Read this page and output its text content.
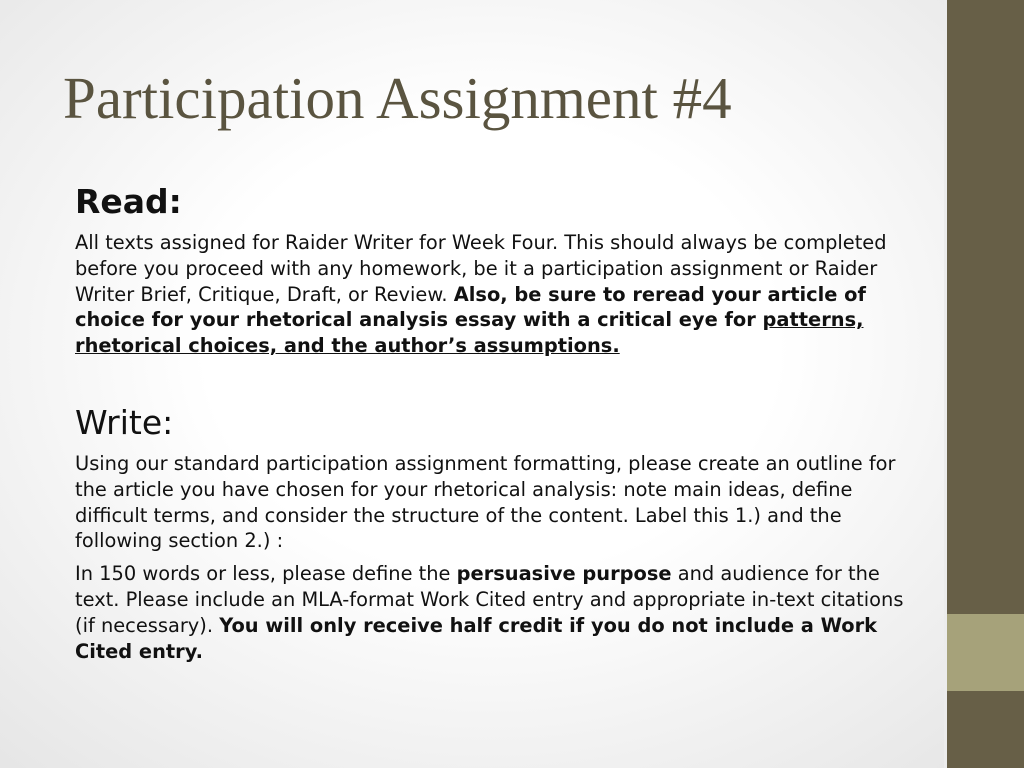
Participation Assignment #4
Read:

All texts assigned for Raider Writer for Week Four. This should always be completed before you proceed with any homework, be it a participation assignment or Raider Writer Brief, Critique, Draft, or Review. Also, be sure to reread your article of choice for your rhetorical analysis essay with a critical eye for patterns, rhetorical choices, and the author’s assumptions.

Write:

Using our standard participation assignment formatting, please create an outline for the article you have chosen for your rhetorical analysis: note main ideas, define difficult terms, and consider the structure of the content. Label this 1.) and the following section 2.) :

In 150 words or less, please define the persuasive purpose and audience for the text. Please include an MLA-format Work Cited entry and appropriate in-text citations (if necessary). You will only receive half credit if you do not include a Work Cited entry.
